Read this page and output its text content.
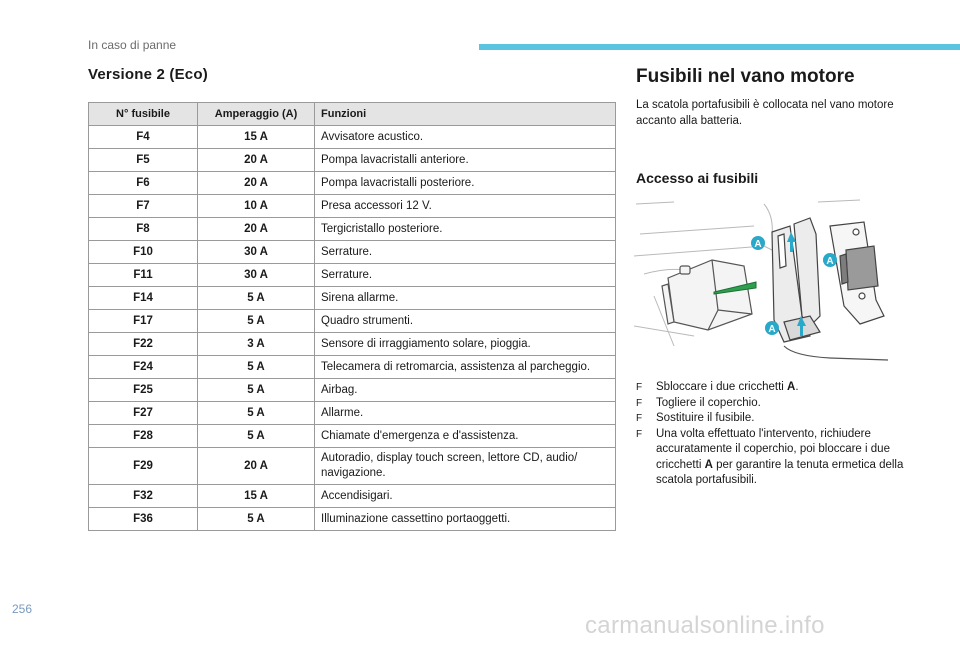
In caso di panne
Versione 2 (Eco)
N° fusibile	Amperaggio (A)	Funzioni
F4	15 A	Avvisatore acustico.
F5	20 A	Pompa lavacristalli anteriore.
F6	20 A	Pompa lavacristalli posteriore.
F7	10 A	Presa accessori 12 V.
F8	20 A	Tergicristallo posteriore.
F10	30 A	Serrature.
F11	30 A	Serrature.
F14	5 A	Sirena allarme.
F17	5 A	Quadro strumenti.
F22	3 A	Sensore di irraggiamento solare, pioggia.
F24	5 A	Telecamera di retromarcia, assistenza al parcheggio.
F25	5 A	Airbag.
F27	5 A	Allarme.
F28	5 A	Chiamate d'emergenza e d'assistenza.
F29	20 A	Autoradio, display touch screen, lettore CD, audio/ navigazione.
F32	15 A	Accendisigari.
F36	5 A	Illuminazione cassettino portaoggetti.
Fusibili nel vano motore
La scatola portafusibili è collocata nel vano motore accanto alla batteria.
Accesso ai fusibili
A
A
A
F Sbloccare i due cricchetti A.
F Togliere il coperchio.
F Sostituire il fusibile.
F Una volta effettuato l'intervento, richiudere accuratamente il coperchio, poi bloccare i due cricchetti A per garantire la tenuta ermetica della scatola portafusibili.
256
carmanualsonline.info
